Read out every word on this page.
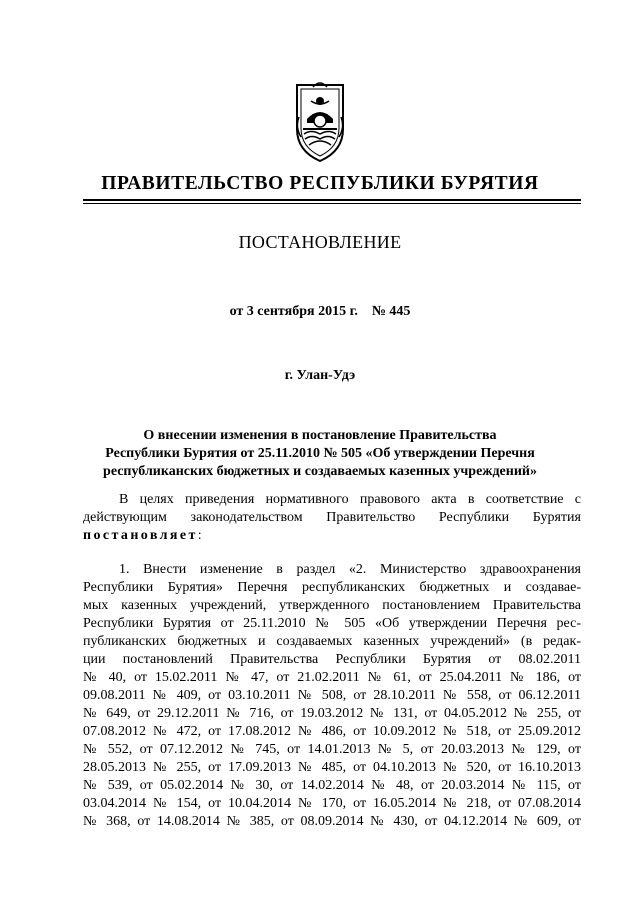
ПРАВИТЕЛЬСТВО РЕСПУБЛИКИ БУРЯТИЯ
ПОСТАНОВЛЕНИЕ
от 3 сентября 2015 г. № 445
г. Улан-Удэ
О внесении изменения в постановление Правительства
Республики Бурятия от 25.11.2010 № 505 «Об утверждении Перечня
республиканских бюджетных и создаваемых казенных учреждений»
В целях приведения нормативного правового акта в соответствие с
действующим законодательством Правительство Республики Бурятия
постановляет:
1. Внести изменение в раздел «2. Министерство здравоохранения
Республики Бурятия» Перечня республиканских бюджетных и создавае-
мых казенных учреждений, утвержденного постановлением Правительства
Республики Бурятия от 25.11.2010 № 505 «Об утверждении Перечня рес-
публиканских бюджетных и создаваемых казенных учреждений» (в редак-
ции постановлений Правительства Республики Бурятия от 08.02.2011
№ 40, от 15.02.2011 № 47, от 21.02.2011 № 61, от 25.04.2011 № 186, от
09.08.2011 № 409, от 03.10.2011 № 508, от 28.10.2011 № 558, от 06.12.2011
№ 649, от 29.12.2011 № 716, от 19.03.2012 № 131, от 04.05.2012 № 255, от
07.08.2012 № 472, от 17.08.2012 № 486, от 10.09.2012 № 518, от 25.09.2012
№ 552, от 07.12.2012 № 745, от 14.01.2013 № 5, от 20.03.2013 № 129, от
28.05.2013 № 255, от 17.09.2013 № 485, от 04.10.2013 № 520, от 16.10.2013
№ 539, от 05.02.2014 № 30, от 14.02.2014 № 48, от 20.03.2014 № 115, от
03.04.2014 № 154, от 10.04.2014 № 170, от 16.05.2014 № 218, от 07.08.2014
№ 368, от 14.08.2014 № 385, от 08.09.2014 № 430, от 04.12.2014 № 609, от
